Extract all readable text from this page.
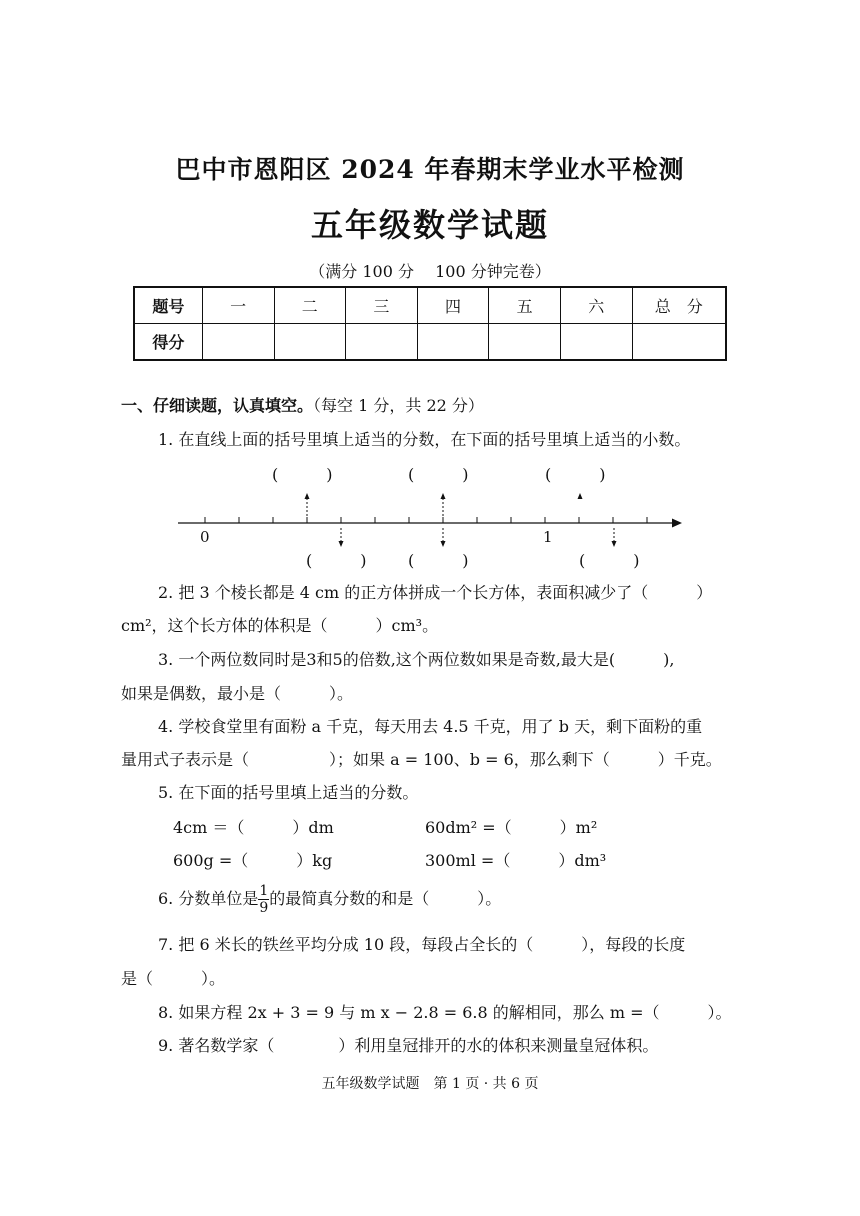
巴中市恩阳区 2024 年春期末学业水平检测
五年级数学试题
（满分 100 分　 100 分钟完卷）
题号	一	二	三	四	五	六	总　分
得分							
一、仔细读题，认真填空。（每空 1 分，共 22 分）
1. 在直线上面的括号里填上适当的分数，在下面的括号里填上适当的小数。
0	1
(　　　)	(　　　)	(　　　)
(　　　)	(　　　)	(　　　)
2. 把 3 个棱长都是 4 cm 的正方体拼成一个长方体，表面积减少了（　　　）
cm²，这个长方体的体积是（　　　）cm³。
3. 一个两位数同时是3和5的倍数,这个两位数如果是奇数,最大是(　　　),
如果是偶数，最小是（　　　）。
4. 学校食堂里有面粉 a 千克，每天用去 4.5 千克，用了 b 天，剩下面粉的重
量用式子表示是（　　　　　）；如果 a = 100、b = 6，那么剩下（　　　）千克。
5. 在下面的括号里填上适当的分数。
4cm ＝（　　　）dm	60dm² =（　　　）m²
600g =（　　　）kg	300ml =（　　　）dm³
6. 分数单位是 $\frac{1}{9}$ 的最简真分数的和是（　　　）。
7. 把 6 米长的铁丝平均分成 10 段，每段占全长的（　　　），每段的长度
是（　　　）。
8. 如果方程 2x + 3 = 9 与 m x − 2.8 = 6.8 的解相同，那么 m =（　　　）。
9. 著名数学家（　　　　）利用皇冠排开的水的体积来测量皇冠体积。
五年级数学试题　第 1 页 · 共 6 页
